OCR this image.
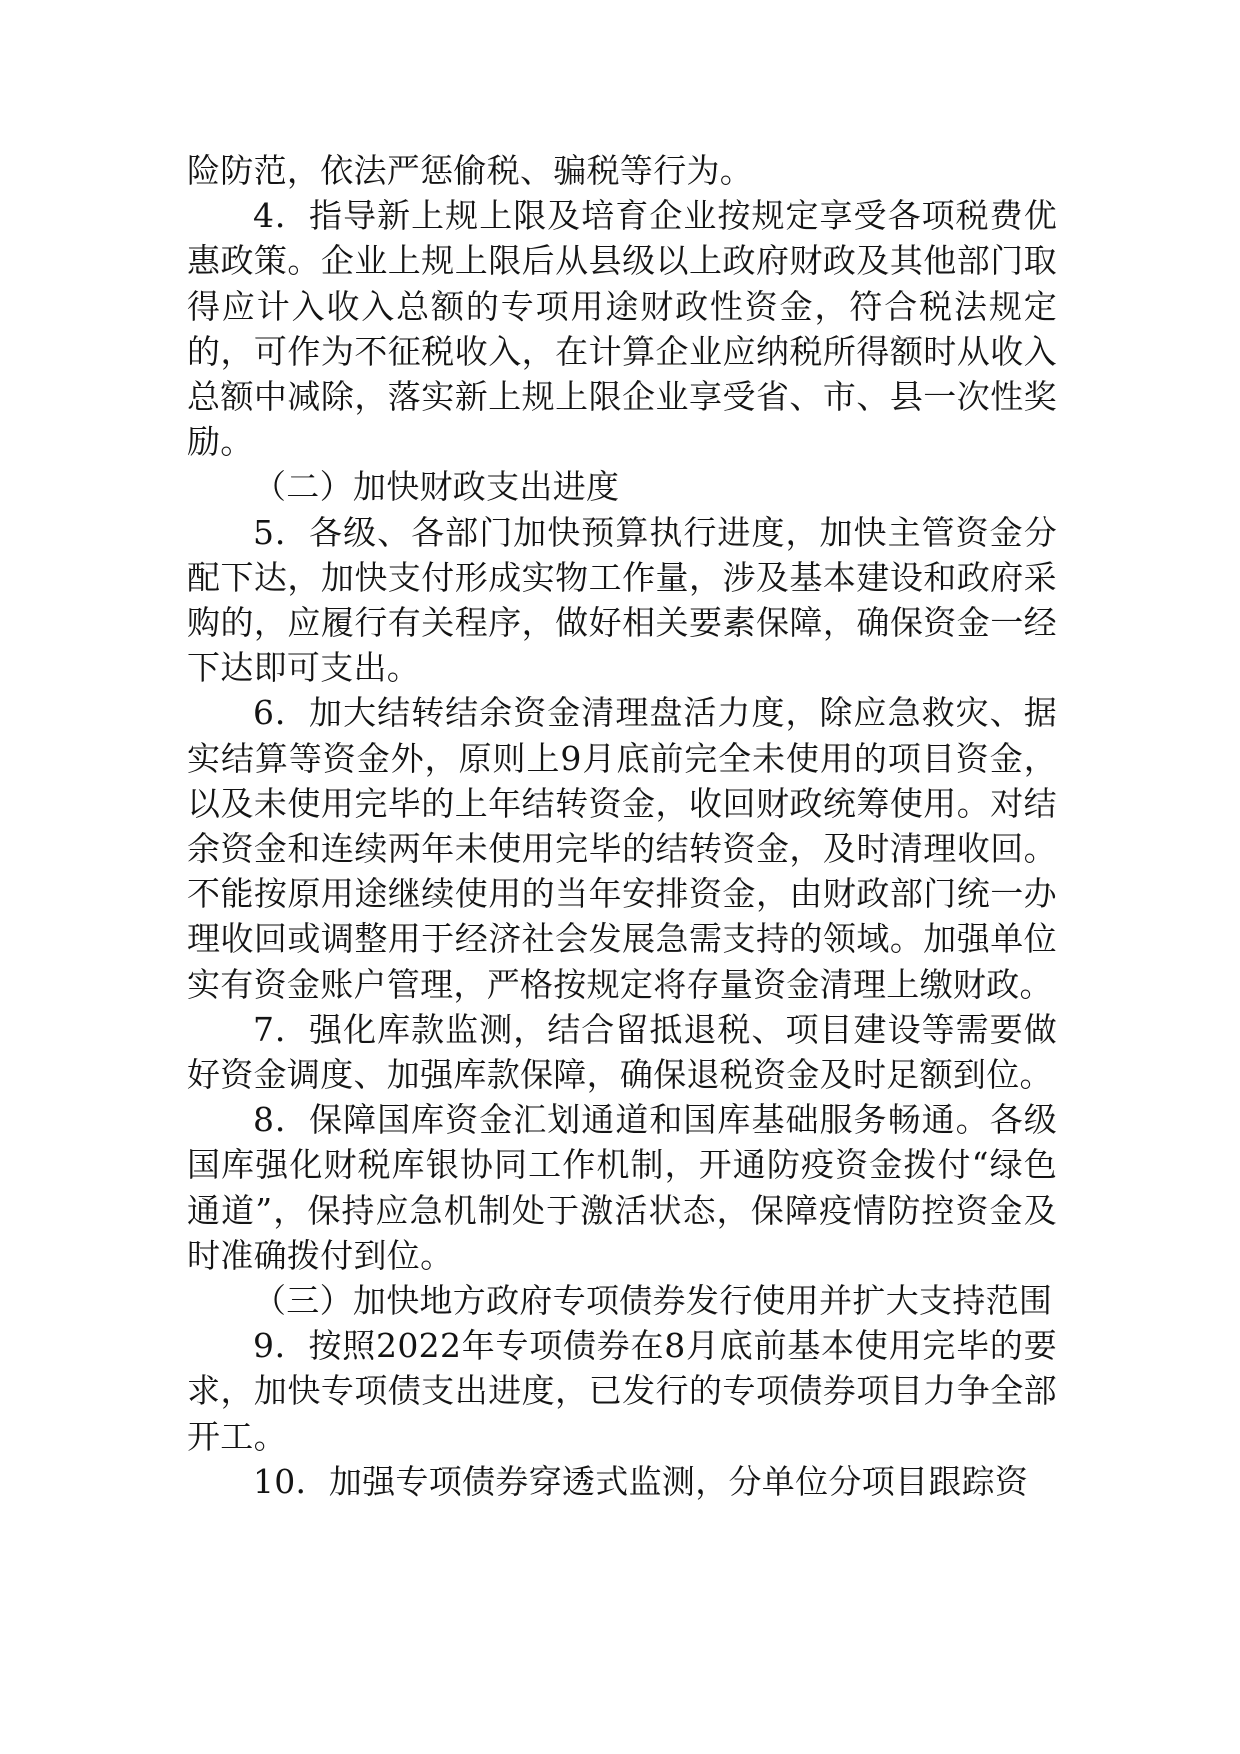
险防范，依法严惩偷税、骗税等行为。

4．指导新上规上限及培育企业按规定享受各项税费优惠政策。企业上规上限后从县级以上政府财政及其他部门取得应计入收入总额的专项用途财政性资金，符合税法规定的，可作为不征税收入，在计算企业应纳税所得额时从收入总额中减除，落实新上规上限企业享受省、市、县一次性奖励。

（二）加快财政支出进度

5．各级、各部门加快预算执行进度，加快主管资金分配下达，加快支付形成实物工作量，涉及基本建设和政府采购的，应履行有关程序，做好相关要素保障，确保资金一经下达即可支出。

6．加大结转结余资金清理盘活力度，除应急救灾、据实结算等资金外，原则上9月底前完全未使用的项目资金，以及未使用完毕的上年结转资金，收回财政统筹使用。对结余资金和连续两年未使用完毕的结转资金，及时清理收回。不能按原用途继续使用的当年安排资金，由财政部门统一办理收回或调整用于经济社会发展急需支持的领域。加强单位实有资金账户管理，严格按规定将存量资金清理上缴财政。

7．强化库款监测，结合留抵退税、项目建设等需要做好资金调度、加强库款保障，确保退税资金及时足额到位。

8．保障国库资金汇划通道和国库基础服务畅通。各级国库强化财税库银协同工作机制，开通防疫资金拨付“绿色通道”，保持应急机制处于激活状态，保障疫情防控资金及时准确拨付到位。

（三）加快地方政府专项债券发行使用并扩大支持范围

9．按照2022年专项债券在8月底前基本使用完毕的要求，加快专项债支出进度，已发行的专项债券项目力争全部开工。

10．加强专项债券穿透式监测，分单位分项目跟踪资
